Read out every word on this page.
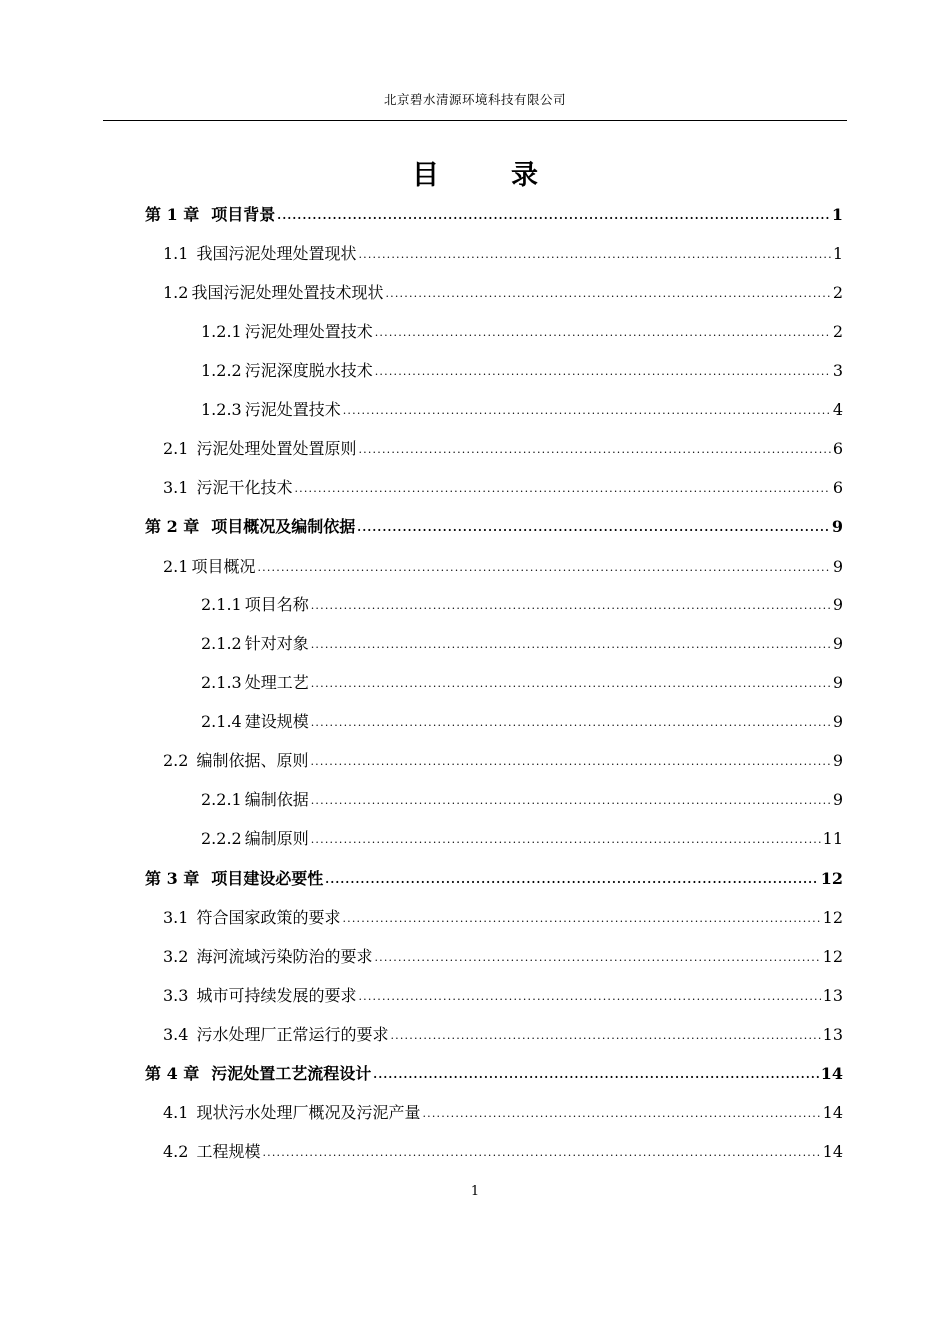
北京碧水清源环境科技有限公司
目	录
第 1 章 项目背景 .....	1
1.1 我国污泥处理处置现状 .....	1
1.2 我国污泥处理处置技术现状 .....	2
1.2.1 污泥处理处置技术 .....	2
1.2.2 污泥深度脱水技术 .....	3
1.2.3 污泥处置技术 .....	4
2.1 污泥处理处置处置原则 .....	6
3.1 污泥干化技术 .....	6
第 2 章 项目概况及编制依据 .....	9
2.1 项目概况 .....	9
2.1.1 项目名称 .....	9
2.1.2 针对对象 .....	9
2.1.3 处理工艺 .....	9
2.1.4 建设规模 .....	9
2.2 编制依据、原则 .....	9
2.2.1 编制依据 .....	9
2.2.2 编制原则 .....	11
第 3 章 项目建设必要性 .....	12
3.1 符合国家政策的要求 .....	12
3.2 海河流域污染防治的要求 .....	12
3.3 城市可持续发展的要求 .....	13
3.4 污水处理厂正常运行的要求 .....	13
第 4 章 污泥处置工艺流程设计 .....	14
4.1 现状污水处理厂概况及污泥产量 .....	14
4.2 工程规模 .....	14
1
